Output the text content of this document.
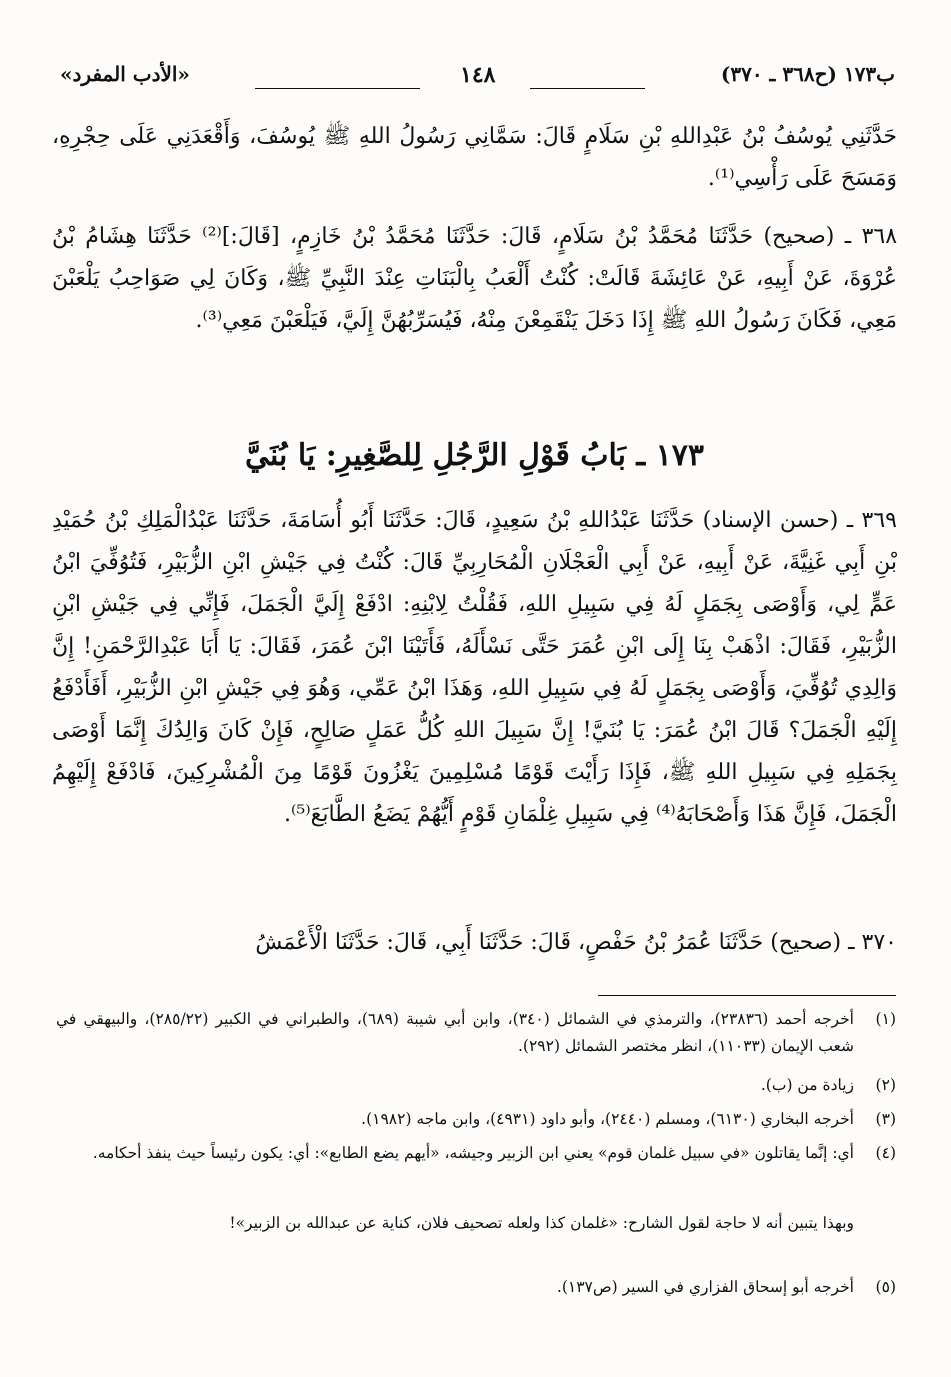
ب١٧٣ (ح٣٦٨ ـ ٣٧٠)
١٤٨
«الأدب المفرد»
حَدَّثَنِي يُوسُفُ بْنُ عَبْدِاللهِ بْنِ سَلَامٍ قَالَ: سَمَّانِي رَسُولُ اللهِ ﷺ يُوسُفَ، وَأَقْعَدَنِي عَلَى حِجْرِهِ، وَمَسَحَ عَلَى رَأْسِي⁽¹⁾.
٣٦٨ ـ (صحيح) حَدَّثَنَا مُحَمَّدُ بْنُ سَلَامٍ، قَالَ: حَدَّثَنَا مُحَمَّدُ بْنُ خَازِمٍ، [قَالَ:]⁽²⁾ حَدَّثَنَا هِشَامُ بْنُ عُرْوَةَ، عَنْ أَبِيهِ، عَنْ عَائِشَةَ قَالَتْ: كُنْتُ أَلْعَبُ بِالْبَنَاتِ عِنْدَ النَّبِيِّ ﷺ، وَكَانَ لِي صَوَاحِبُ يَلْعَبْنَ مَعِي، فَكَانَ رَسُولُ اللهِ ﷺ إِذَا دَخَلَ يَنْقَمِعْنَ مِنْهُ، فَيُسَرِّبُهُنَّ إِلَيَّ، فَيَلْعَبْنَ مَعِي⁽³⁾.
١٧٣ ـ بَابُ قَوْلِ الرَّجُلِ لِلصَّغِيرِ: يَا بُنَيَّ
٣٦٩ ـ (حسن الإسناد) حَدَّثَنَا عَبْدُاللهِ بْنُ سَعِيدٍ، قَالَ: حَدَّثَنَا أَبُو أُسَامَةَ، حَدَّثَنَا عَبْدُالْمَلِكِ بْنُ حُمَيْدِ بْنِ أَبِي غَنِيَّةَ، عَنْ أَبِيهِ، عَنْ أَبِي الْعَجْلَانِ الْمُحَارِبِيِّ قَالَ: كُنْتُ فِي جَيْشِ ابْنِ الزُّبَيْرِ، فَتُوُفِّيَ ابْنُ عَمٍّ لِي، وَأَوْصَى بِجَمَلٍ لَهُ فِي سَبِيلِ اللهِ، فَقُلْتُ لِابْنِهِ: ادْفَعْ إِلَيَّ الْجَمَلَ، فَإِنِّي فِي جَيْشِ ابْنِ الزُّبَيْرِ، فَقَالَ: اذْهَبْ بِنَا إِلَى ابْنِ عُمَرَ حَتَّى نَسْأَلَهُ، فَأَتَيْنَا ابْنَ عُمَرَ، فَقَالَ: يَا أَبَا عَبْدِالرَّحْمَنِ! إِنَّ وَالِدِي تُوُفِّيَ، وَأَوْصَى بِجَمَلٍ لَهُ فِي سَبِيلِ اللهِ، وَهَذَا ابْنُ عَمِّي، وَهُوَ فِي جَيْشِ ابْنِ الزُّبَيْرِ، أَفَأَدْفَعُ إِلَيْهِ الْجَمَلَ؟ قَالَ ابْنُ عُمَرَ: يَا بُنَيَّ! إِنَّ سَبِيلَ اللهِ كُلُّ عَمَلٍ صَالِحٍ، فَإِنْ كَانَ وَالِدُكَ إِنَّمَا أَوْصَى بِجَمَلِهِ فِي سَبِيلِ اللهِ ﷺ، فَإِذَا رَأَيْتَ قَوْمًا مُسْلِمِينَ يَغْزُونَ قَوْمًا مِنَ الْمُشْرِكِينَ، فَادْفَعْ إِلَيْهِمُ الْجَمَلَ، فَإِنَّ هَذَا وَأَصْحَابَهُ⁽⁴⁾ فِي سَبِيلِ غِلْمَانِ قَوْمٍ أَيُّهُمْ يَضَعُ الطَّابَعَ⁽⁵⁾.
٣٧٠ ـ (صحيح) حَدَّثَنَا عُمَرُ بْنُ حَفْصٍ، قَالَ: حَدَّثَنَا أَبِي، قَالَ: حَدَّثَنَا الْأَعْمَشُ
(١)
أخرجه أحمد (٢٣٨٣٦)، والترمذي في الشمائل (٣٤٠)، وابن أبي شيبة (٦٨٩)، والطبراني في الكبير (٢٨٥/٢٢)، والبيهقي في شعب الإيمان (١١٠٣٣)، انظر مختصر الشمائل (٢٩٢).
(٢)
زيادة من (ب).
(٣)
أخرجه البخاري (٦١٣٠)، ومسلم (٢٤٤٠)، وأبو داود (٤٩٣١)، وابن ماجه (١٩٨٢).
(٤)
أي: إنَّما يقاتلون «في سبيل غلمان قوم» يعني ابن الزبير وجيشه، «أيهم يضع الطابع»: أي: يكون رئيساً حيث ينفذ أحكامه.
وبهذا يتبين أنه لا حاجة لقول الشارح: «غلمان كذا ولعله تصحيف فلان، كناية عن عبدالله بن الزبير»!
(٥)
أخرجه أبو إسحاق الفزاري في السير (ص١٣٧).
